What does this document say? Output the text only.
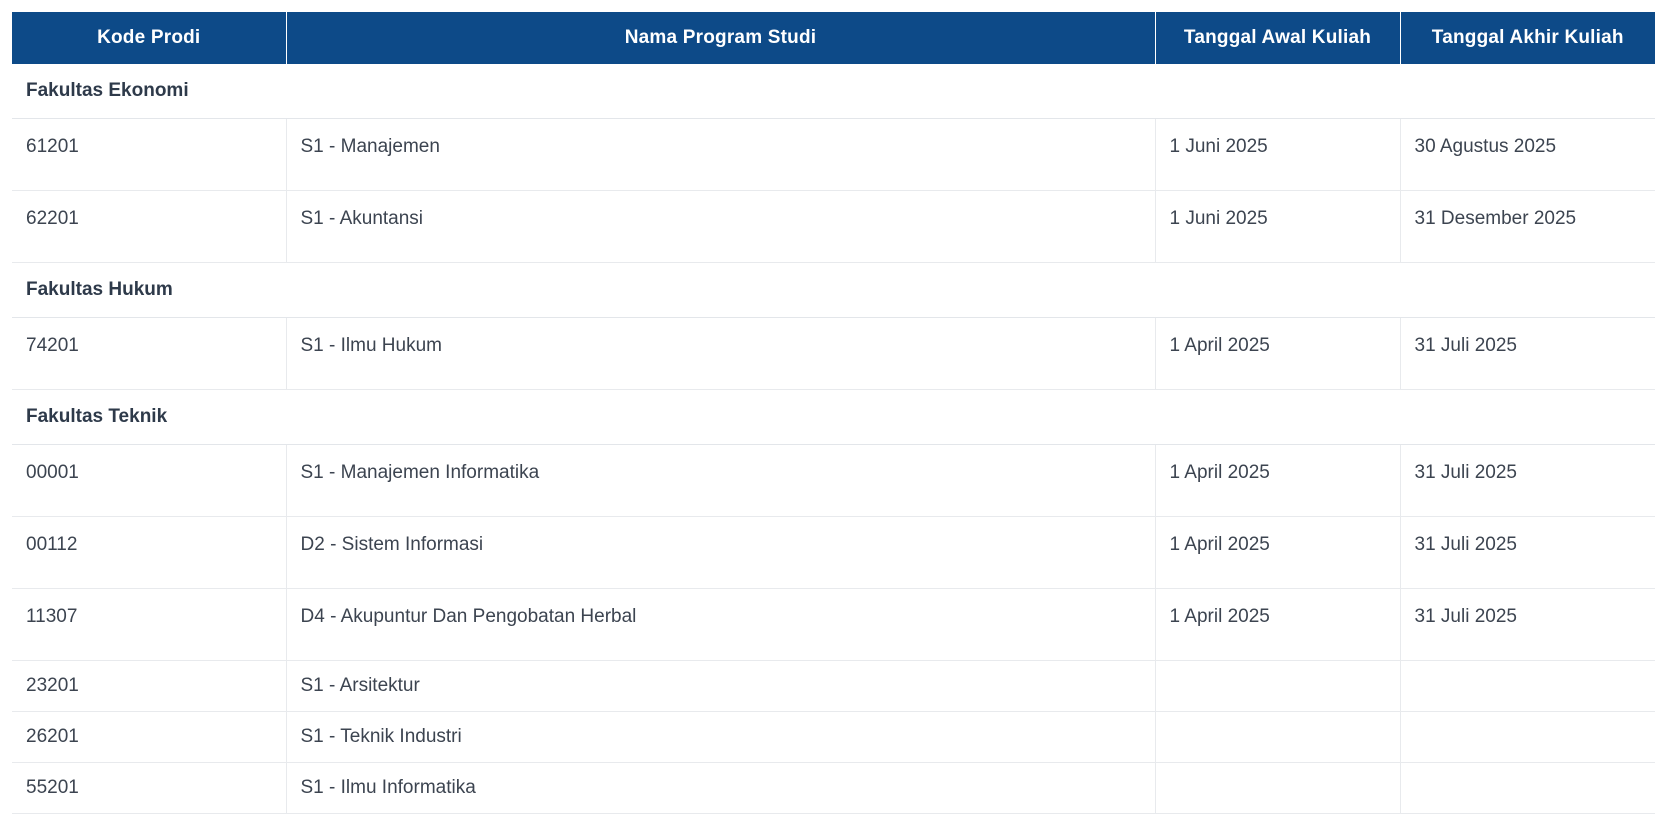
Kode Prodi	Nama Program Studi	Tanggal Awal Kuliah	Tanggal Akhir Kuliah
Fakultas Ekonomi			
61201	S1 - Manajemen	1 Juni 2025	30 Agustus 2025
62201	S1 - Akuntansi	1 Juni 2025	31 Desember 2025
Fakultas Hukum			
74201	S1 - Ilmu Hukum	1 April 2025	31 Juli 2025
Fakultas Teknik			
00001	S1 - Manajemen Informatika	1 April 2025	31 Juli 2025
00112	D2 - Sistem Informasi	1 April 2025	31 Juli 2025
11307	D4 - Akupuntur Dan Pengobatan Herbal	1 April 2025	31 Juli 2025
23201	S1 - Arsitektur		
26201	S1 - Teknik Industri		
55201	S1 - Ilmu Informatika		
